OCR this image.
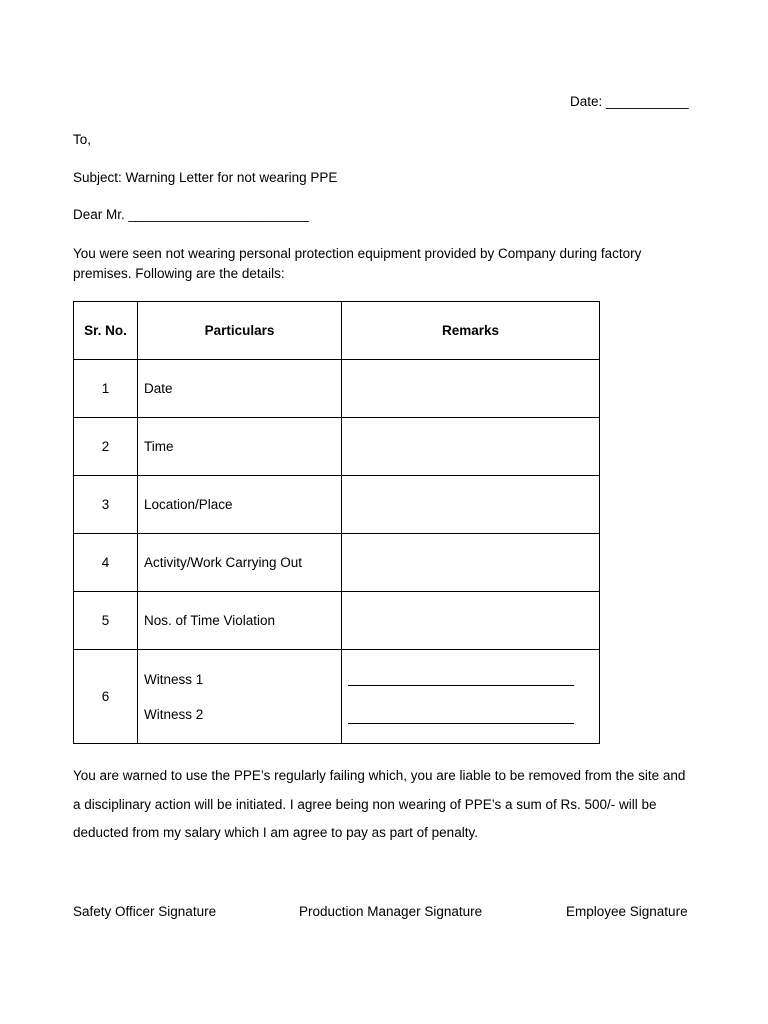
Date: ___________
To,
Subject: Warning Letter for not wearing PPE
Dear Mr. ________________________
You were seen not wearing personal protection equipment provided by Company during factory premises. Following are the details:
Sr. No.	Particulars	Remarks
1	Date	
2	Time	
3	Location/Place	
4	Activity/Work Carrying Out	
5	Nos. of Time Violation	
6	Witness 1
Witness 2	

You are warned to use the PPE’s regularly failing which, you are liable to be removed from the site and a disciplinary action will be initiated. I agree being non wearing of PPE’s a sum of Rs. 500/- will be deducted from my salary which I am agree to pay as part of penalty.
Safety Officer Signature	Production Manager Signature	Employee Signature
